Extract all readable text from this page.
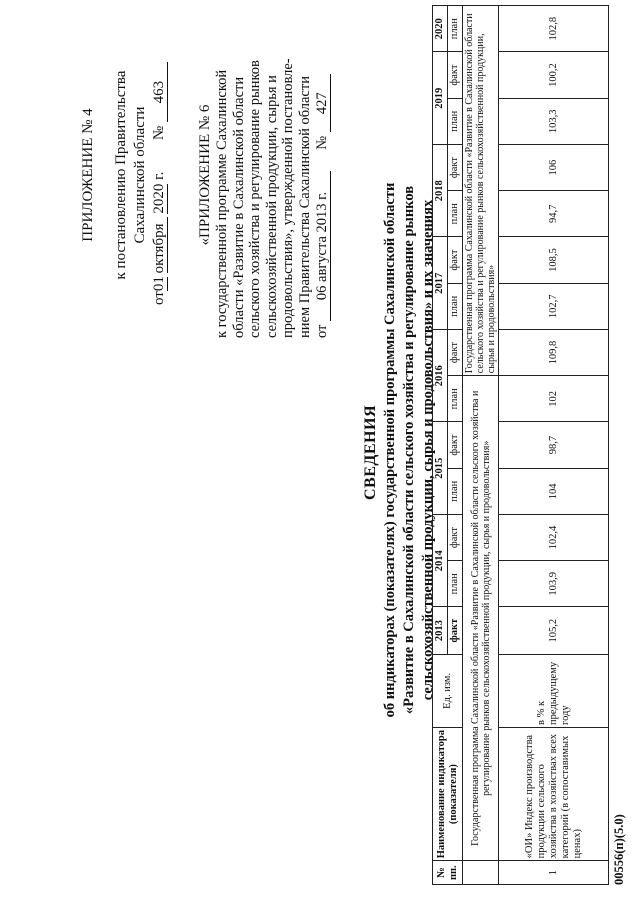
ПРИЛОЖЕНИЕ № 4 к постановлению Правительства Сахалинской области
от01 октября 2020 г.  № 463
«ПРИЛОЖЕНИЕ № 6 к государственной программе Сахалинской области «Развитие в Сахалинской области сельского хозяйства и регулирование рынков сельскохозяйственной продукции, сырья и продовольствия», утвержденной постановле- нием Правительства Сахалинской области от 06 августа 2013 г.  № 427
СВЕДЕНИЯ об индикаторах (показателях) государственной программы Сахалинской области «Развитие в Сахалинской области сельского хозяйства и регулирование рынков сельскохозяйственной продукции, сырья и продовольствия» и их значениях
№ пп.	Наименование индикатора (показателя)	Ед. изм.	2013	2014		2015		2016		2017		2018		2019		2020
			факт	план	факт	план	факт	план	факт	план	факт	план	факт	план	факт	план
	Государственная программа Сахалинской области «Развитие в Сахалинской области сельского хозяйства и регулирование рынков сельскохозяйственной продукции, сырья и продовольствия»								Государственная программа Сахалинской области «Развитие в Сахалинской области сельского хозяйства и регулирование рынков сельскохозяйственной продукции, сырья и продовольствия»							
1	«ОИ» Индекс производства продукции сельского хозяйства в хозяйствах всех категорий (в сопоставимых ценах)	в % к предыдущему году	105,2	103,9	102,4	104	98,7	102	109,8	102,7	108,5	94,7	106	103,3	100,2	102,8
00556(п)(5.0)
